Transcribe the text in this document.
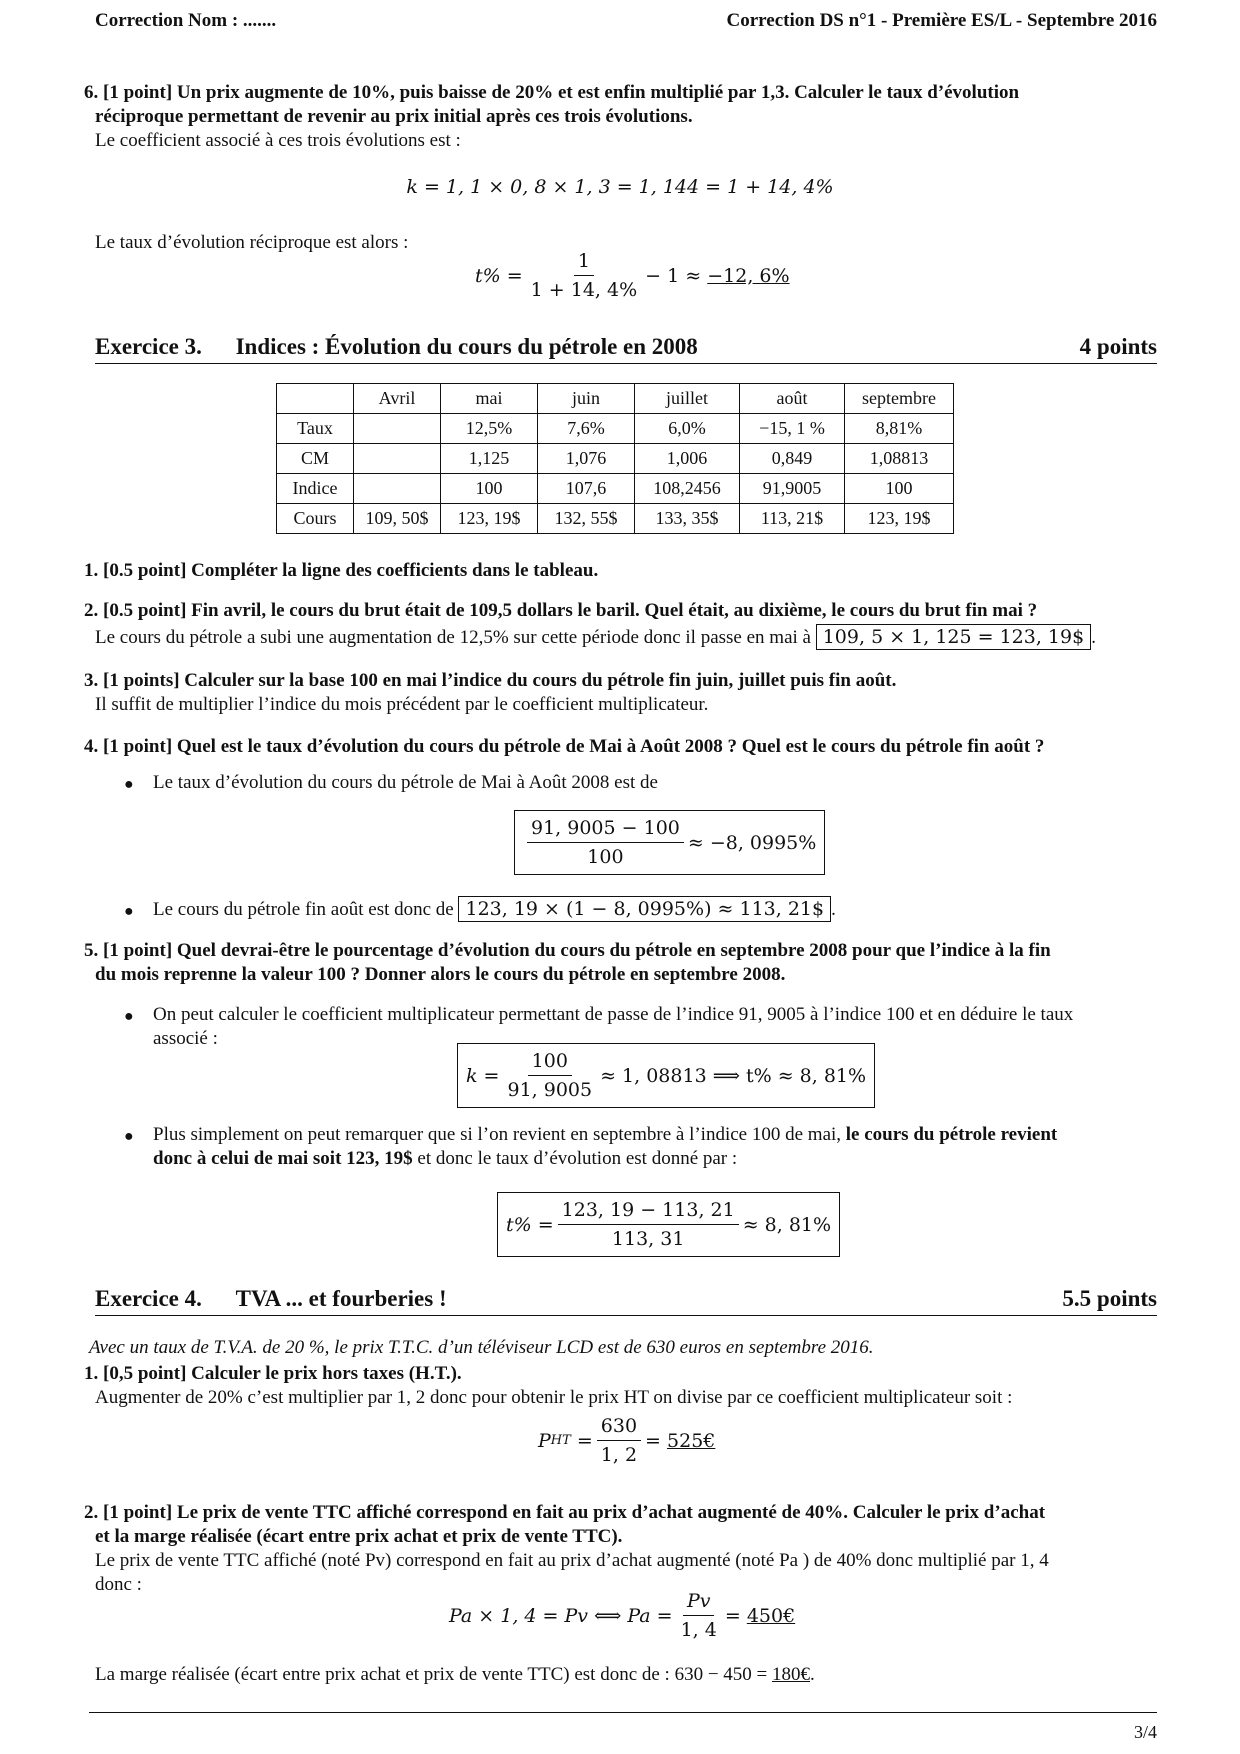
Correction Nom : .......	Correction DS n°1 - Première ES/L - Septembre 2016
6. [1 point] Un prix augmente de 10%, puis baisse de 20% et est enfin multiplié par 1,3. Calculer le taux d’évolution
réciproque permettant de revenir au prix initial après ces trois évolutions.
Le coefficient associé à ces trois évolutions est :
k = 1, 1 × 0, 8 × 1, 3 = 1, 144 = 1 + 14, 4%
Le taux d’évolution réciproque est alors :
$t\% = \frac{1}{1 + 14, 4\%} - 1$ ≈
−12, 6%
Exercice 3. Indices : Évolution du cours du pétrole en 2008	4 points
	Avril	mai	juin	juillet	août	septembre
Taux		12,5%	7,6%	6,0%	−15, 1 %	8,81%
CM		1,125	1,076	1,006	0,849	1,08813
Indice		100	107,6	108,2456	91,9005	100
Cours	109, 50$	123, 19$	132, 55$	133, 35$	113, 21$	123, 19$
1. [0.5 point] Compléter la ligne des coefficients dans le tableau.
2. [0.5 point] Fin avril, le cours du brut était de 109,5 dollars le baril. Quel était, au dixième, le cours du brut fin mai ?
Le cours du pétrole a subi une augmentation de 12,5% sur cette période donc il passe en mai à 109, 5 × 1, 125 = 123, 19$ .
3. [1 points] Calculer sur la base 100 en mai l’indice du cours du pétrole fin juin, juillet puis fin août.
Il suffit de multiplier l’indice du mois précédent par le coefficient multiplicateur.
4. [1 point] Quel est le taux d’évolution du cours du pétrole de Mai à Août 2008 ? Quel est le cours du pétrole fin août ?
● Le taux d’évolution du cours du pétrole de Mai à Août 2008 est de
$\frac{91, 9005 - 100}{100} \approx -8$, 0995%
● Le cours du pétrole fin août est donc de 123, 19 × (1 − 8, 0995%) ≈ 113, 21$ .
5. [1 point] Quel devrai-être le pourcentage d’évolution du cours du pétrole en septembre 2008 pour que l’indice à la fin
du mois reprenne la valeur 100 ? Donner alors le cours du pétrole en septembre 2008.
● On peut calculer le coefficient multiplicateur permettant de passe de l’indice 91, 9005 à l’indice 100 et en déduire le taux
associé :
$k = \frac{100}{91, 9005} \approx 1$, 08813 ⟹ t% ≈ 8, 81%
● Plus simplement on peut remarquer que si l’on revient en septembre à l’indice 100 de mai, le cours du pétrole revient
donc à celui de mai soit 123, 19$ et donc le taux d’évolution est donné par :
$t\% = \frac{123, 19 - 113, 21}{113, 31} \approx 8$, 81%
Exercice 4. TVA ... et fourberies !	5.5 points
Avec un taux de T.V.A. de 20 %, le prix T.T.C. d’un téléviseur LCD est de 630 euros en septembre 2016.
1. [0,5 point] Calculer le prix hors taxes (H.T.).
Augmenter de 20% c’est multiplier par 1, 2 donc pour obtenir le prix HT on divise par ce coefficient multiplicateur soit :
P HT
= $\frac{630}{1, 2}$ = 525€
2. [1 point] Le prix de vente TTC affiché correspond en fait au prix d’achat augmenté de 40%. Calculer le prix d’achat
et la marge réalisée (écart entre prix achat et prix de vente TTC).
Le prix de vente TTC affiché (noté Pv) correspond en fait au prix d’achat augmenté (noté Pa ) de 40% donc multiplié par 1, 4
donc :
Pa × 1, 4 = Pv ⟺ $Pa = \frac{Pv}{1, 4}$ = 450€
La marge réalisée (écart entre prix achat et prix de vente TTC) est donc de : 630 − 450 = 180€.
3/4
